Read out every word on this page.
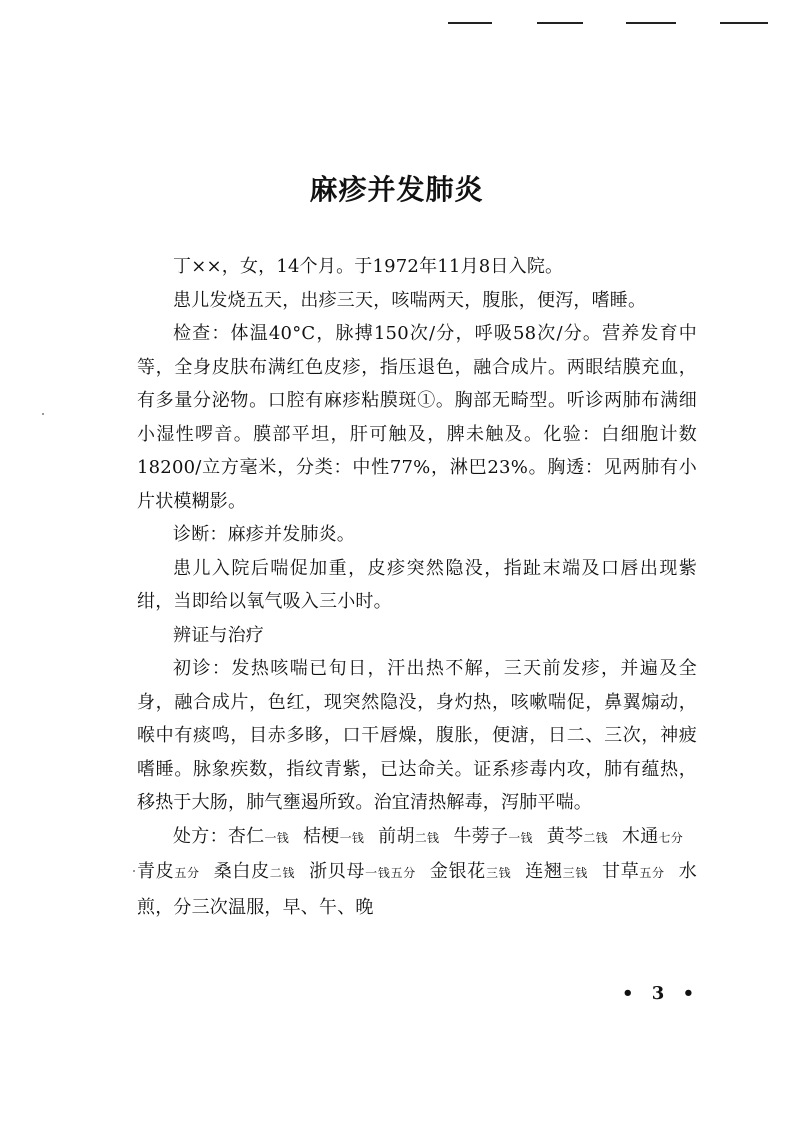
麻疹并发肺炎

丁××，女，14个月。于1972年11月8日入院。

患儿发烧五天，出疹三天，咳喘两天，腹胀，便泻，嗜睡。

检查：体温40°C，脉搏150次/分，呼吸58次/分。营养发育中等，全身皮肤布满红色皮疹，指压退色，融合成片。两眼结膜充血，有多量分泌物。口腔有麻疹粘膜斑①。胸部无畸型。听诊两肺布满细小湿性啰音。膜部平坦，肝可触及，脾未触及。化验：白细胞计数18200/立方毫米，分类：中性77%，淋巴23%。胸透：见两肺有小片状模糊影。

诊断：麻疹并发肺炎。

患儿入院后喘促加重，皮疹突然隐没，指趾末端及口唇出现紫绀，当即给以氧气吸入三小时。

辨证与治疗

初诊：发热咳喘已旬日，汗出热不解，三天前发疹，并遍及全身，融合成片，色红，现突然隐没，身灼热，咳嗽喘促，鼻翼煽动，喉中有痰鸣，目赤多眵，口干唇燥，腹胀，便溏，日二、三次，神疲嗜睡。脉象疾数，指纹青紫，已达命关。证系疹毒内攻，肺有蕴热，移热于大肠，肺气壅遏所致。治宜清热解毒，泻肺平喘。

处方：杏仁一钱 桔梗一钱 前胡二钱 牛蒡子一钱 黄芩二钱 木通七分青皮五分 桑白皮二钱 浙贝母一钱五分 金银花三钱 连翘三钱 甘草五分 水煎，分三次温服，早、午、晚

• 3 •
